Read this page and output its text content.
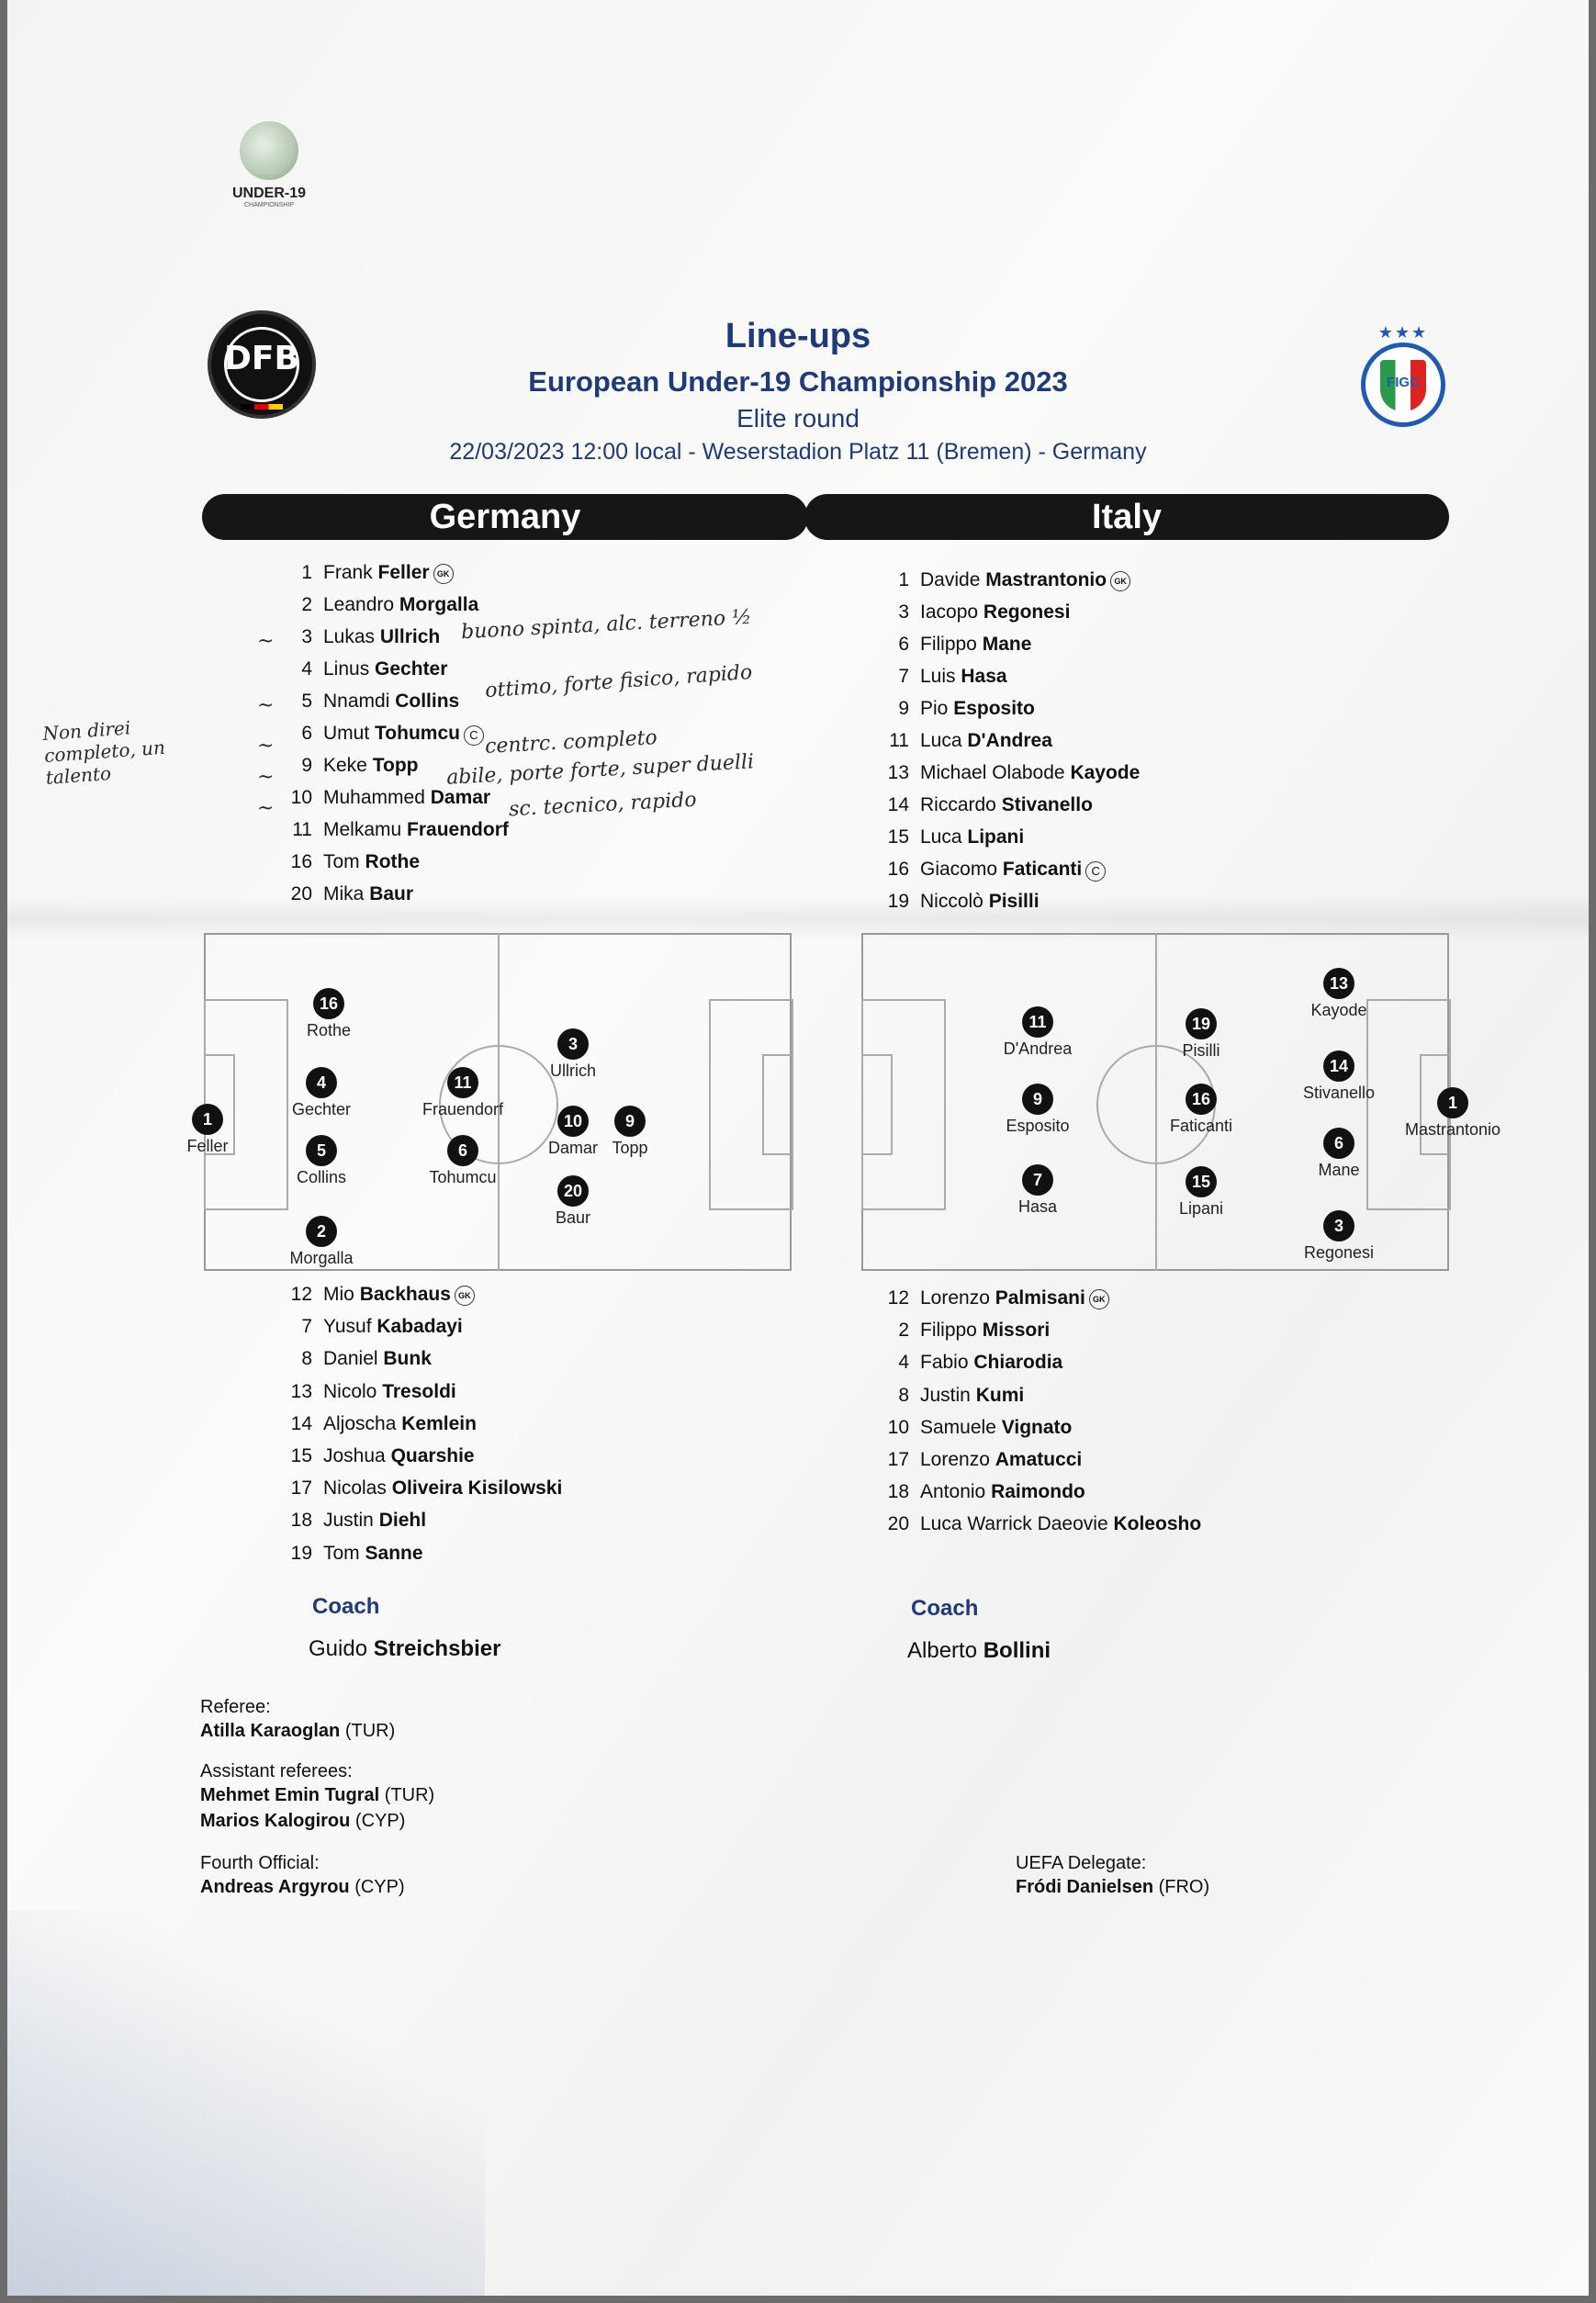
UNDER-19
CHAMPIONSHIP
DFB
★★★
FIGC
Line-ups
European Under-19 Championship 2023
Elite round
22/03/2023 12:00 local - Weserstadion Platz 11 (Bremen) - Germany
Germany	Italy
1 Frank Feller GK
2 Leandro Morgalla
3 Lukas Ullrich
4 Linus Gechter
5 Nnamdi Collins
6 Umut Tohumcu C
9 Keke Topp
10 Muhammed Damar
11 Melkamu Frauendorf
16 Tom Rothe
20 Mika Baur
1 Davide Mastrantonio GK
3 Iacopo Regonesi
6 Filippo Mane
7 Luis Hasa
9 Pio Esposito
11 Luca D'Andrea
13 Michael Olabode Kayode
14 Riccardo Stivanello
15 Luca Lipani
16 Giacomo Faticanti C
19 Niccolò Pisilli
16
Rothe
4
Gechter
1
Feller	5
Collins
2
Morgalla
11
Frauendorf
6
Tohumcu
3
Ullrich
10
Damar
9
Topp
20
Baur
11
D'Andrea
9
Esposito
7
Hasa
19
Pisilli
16
Faticanti
15
Lipani
13
Kayode
14
Stivanello
6
Mane
3
Regonesi
1
Mastrantonio
12 Mio Backhaus GK
7 Yusuf Kabadayi
8 Daniel Bunk
13 Nicolo Tresoldi
14 Aljoscha Kemlein
15 Joshua Quarshie
17 Nicolas Oliveira Kisilowski
18 Justin Diehl
19 Tom Sanne
12 Lorenzo Palmisani GK
2 Filippo Missori
4 Fabio Chiarodia
8 Justin Kumi
10 Samuele Vignato
17 Lorenzo Amatucci
18 Antonio Raimondo
20 Luca Warrick Daeovie Koleosho
Coach
Guido Streichsbier
Coach
Alberto Bollini
Referee:
Atilla Karaoglan (TUR)
Assistant referees:
Mehmet Emin Tugral (TUR)
Marios Kalogirou (CYP)
Fourth Official:
Andreas Argyrou (CYP)
UEFA Delegate:
Fródi Danielsen (FRO)
buono spinta, alc. terreno ½
ottimo, forte fisico, rapido
centrc. completo
abile, porte forte, super duelli
sc. tecnico, rapido
Non direi completo, un talento
~
~
~
~
~
